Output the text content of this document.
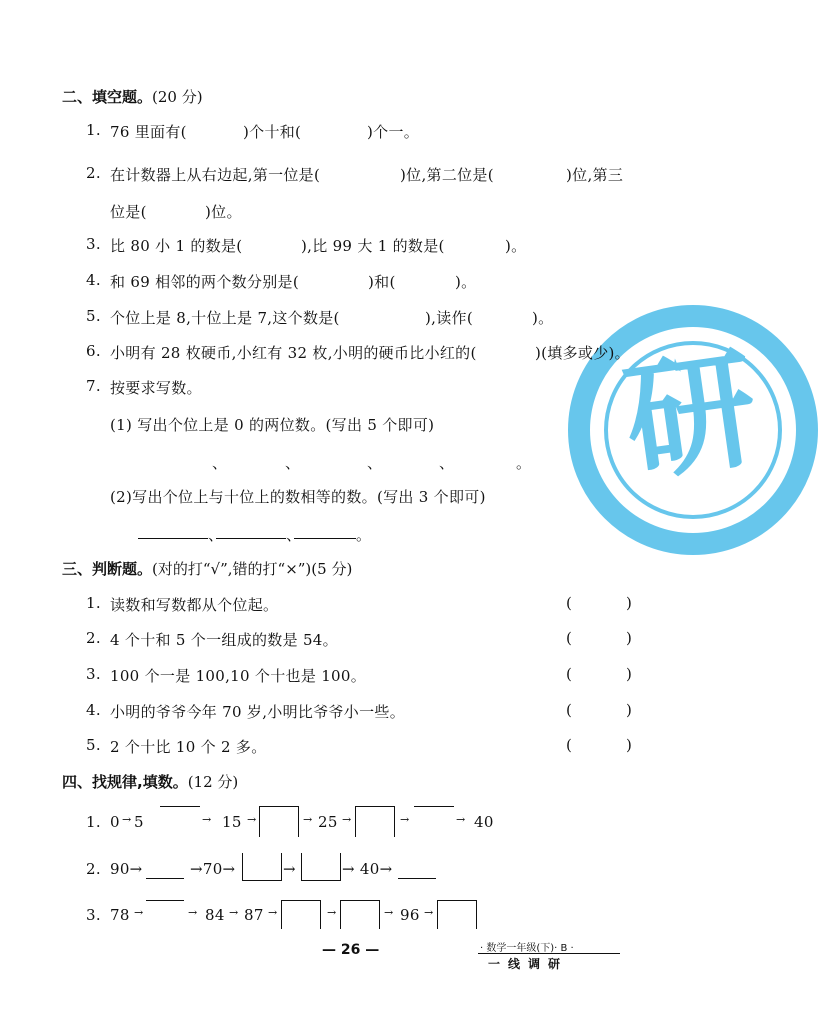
研
二、填空题。(20 分)
1. 76 里面有(	)个十和(	)个一。
2. 在计数器上从右边起,第一位是(	)位,第二位是(	)位,第三
位是(	)位。
3. 比 80 小 1 的数是(	),比 99 大 1 的数是(	)。
4. 和 69 相邻的两个数分别是(	)和(	)。
5. 个位上是 8,十位上是 7,这个数是(	),读作(	)。
6. 小明有 28 枚硬币,小红有 32 枚,小明的硬币比小红的(	)(填多或少)。
7. 按要求写数。
(1) 写出个位上是 0 的两位数。(写出 5 个即可)
、	、	、	、	。
(2)写出个位上与十位上的数相等的数。(写出 3 个即可)
、	、	。
三、判断题。(对的打“√”,错的打“×”)(5 分)
1. 读数和写数都从个位起。	(	)
2. 4 个十和 5 个一组成的数是 54。	(	)
3. 100 个一是 100,10 个十也是 100。	(	)
4. 小明的爷爷今年 70 岁,小明比爷爷小一些。	(	)
5. 2 个十比 10 个 2 多。	(	)
四、找规律,填数。(12 分)
1. 0 → 5	→ 15 →	→ 25 →	→	→ 40
2. 90→	→70→	→	→ 40→
3. 78 →	→ 84 → 87 →	→	→ 96 →
— 26 —	· 数学一年级(下)· B ·
一线调研
